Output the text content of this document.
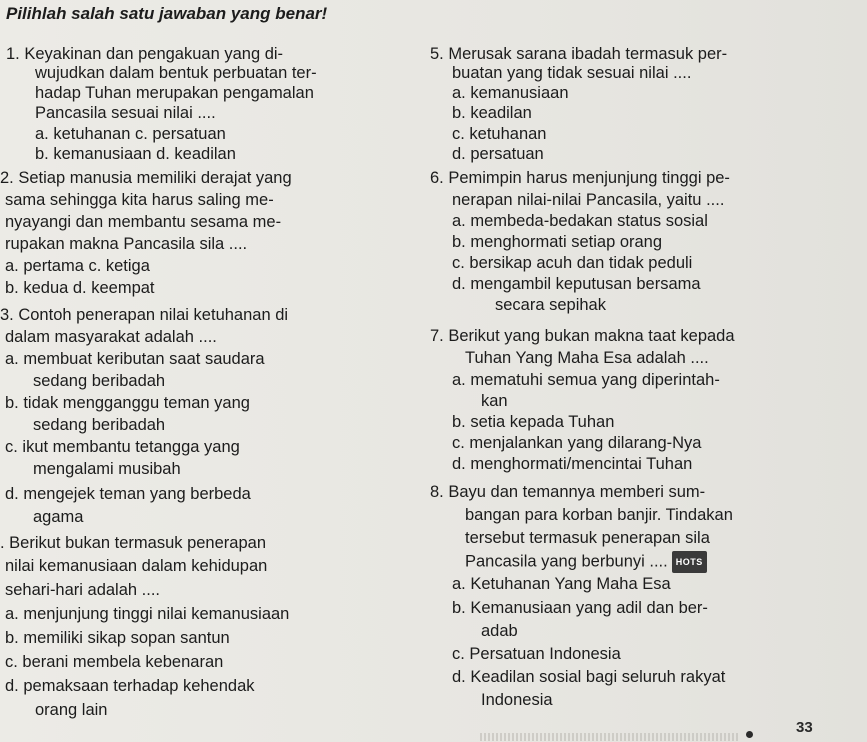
Pilihlah salah satu jawaban yang benar!
1. Keyakinan dan pengakuan yang di-
wujudkan dalam bentuk perbuatan ter-
hadap Tuhan merupakan pengamalan
Pancasila sesuai nilai ....
a. ketuhanan c. persatuan
b. kemanusiaan d. keadilan
2. Setiap manusia memiliki derajat yang
sama sehingga kita harus saling me-
nyayangi dan membantu sesama me-
rupakan makna Pancasila sila ....
a. pertama c. ketiga
b. kedua d. keempat
3. Contoh penerapan nilai ketuhanan di
dalam masyarakat adalah ....
a. membuat keributan saat saudara
sedang beribadah
b. tidak mengganggu teman yang
sedang beribadah
c. ikut membantu tetangga yang
mengalami musibah
d. mengejek teman yang berbeda
agama
. Berikut bukan termasuk penerapan
nilai kemanusiaan dalam kehidupan
sehari-hari adalah ....
a. menjunjung tinggi nilai kemanusiaan
b. memiliki sikap sopan santun
c. berani membela kebenaran
d. pemaksaan terhadap kehendak
orang lain
5. Merusak sarana ibadah termasuk per-
buatan yang tidak sesuai nilai ....
a. kemanusiaan
b. keadilan
c. ketuhanan
d. persatuan
6. Pemimpin harus menjunjung tinggi pe-
nerapan nilai-nilai Pancasila, yaitu ....
a. membeda-bedakan status sosial
b. menghormati setiap orang
c. bersikap acuh dan tidak peduli
d. mengambil keputusan bersama
secara sepihak
7. Berikut yang bukan makna taat kepada
Tuhan Yang Maha Esa adalah ....
a. mematuhi semua yang diperintah-
kan
b. setia kepada Tuhan
c. menjalankan yang dilarang-Nya
d. menghormati/mencintai Tuhan
8. Bayu dan temannya memberi sum-
bangan para korban banjir. Tindakan
tersebut termasuk penerapan sila
Pancasila yang berbunyi .... HOTS
a. Ketuhanan Yang Maha Esa
b. Kemanusiaan yang adil dan ber-
adab
c. Persatuan Indonesia
d. Keadilan sosial bagi seluruh rakyat
Indonesia
33
